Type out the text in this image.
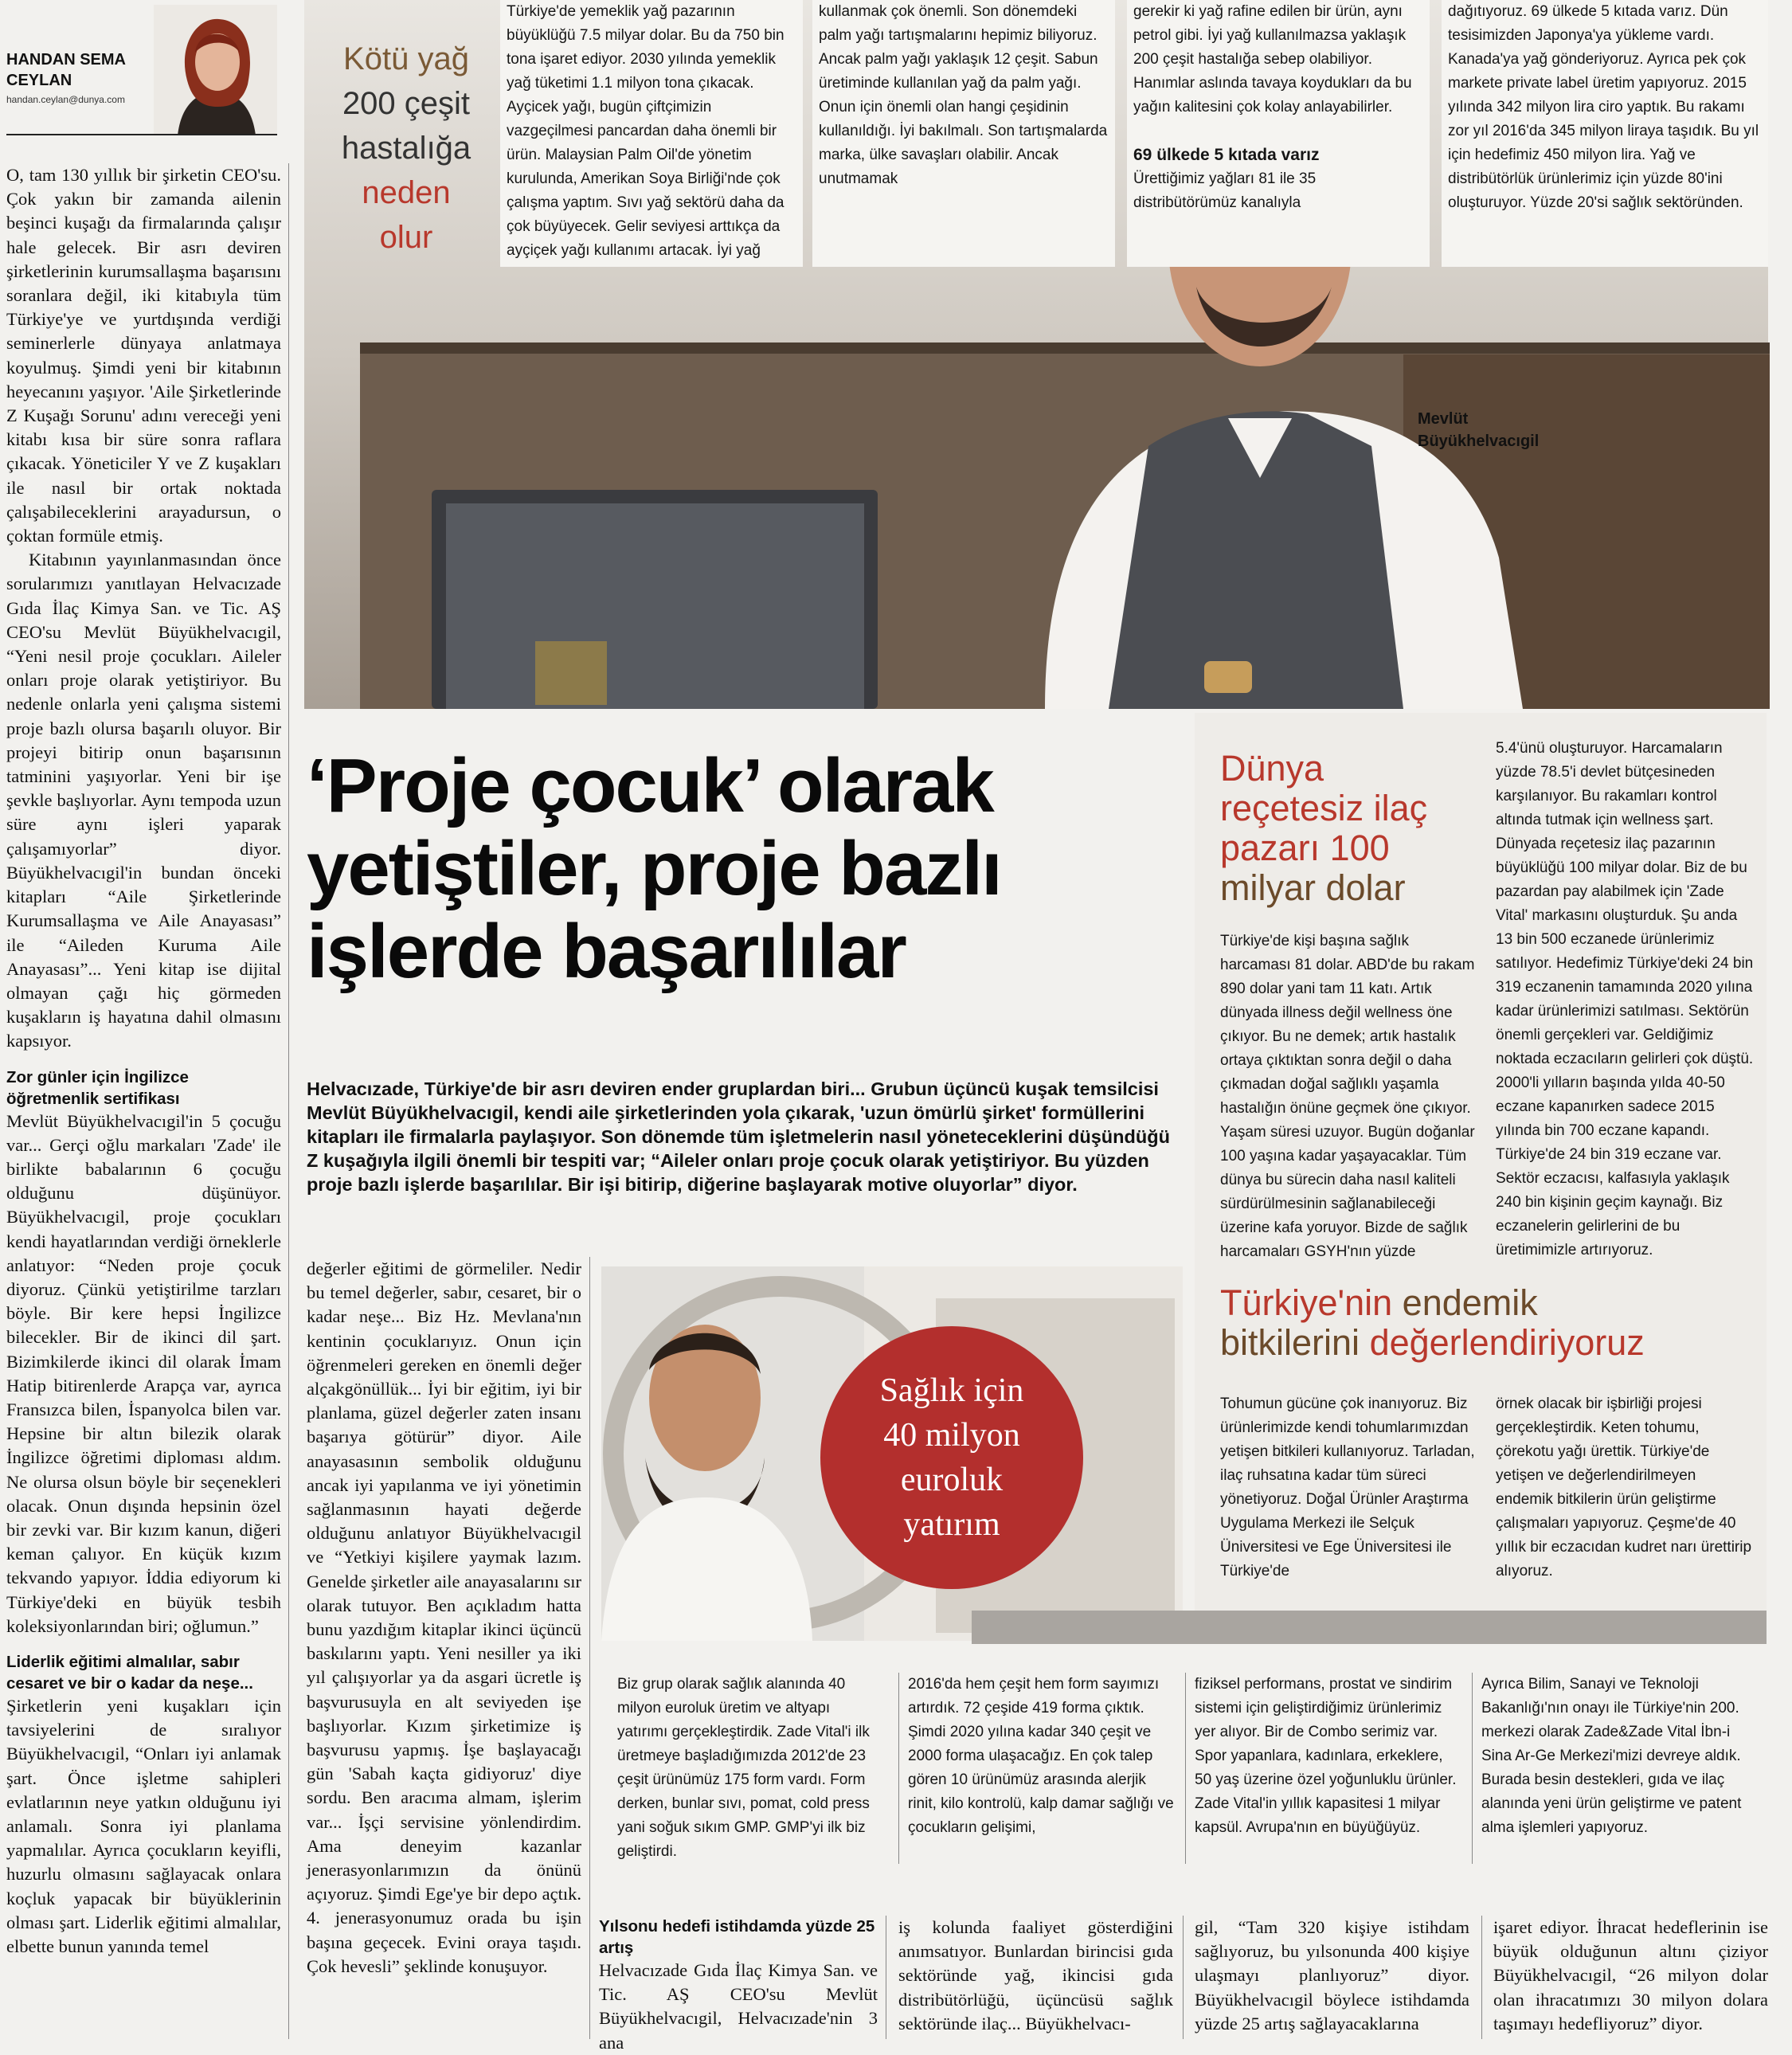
HANDAN SEMA CEYLAN
handan.ceylan@dunya.com
Kötü yağ
200 çeşit
hastalığa
neden
olur

Türkiye'de yemeklik yağ pazarının büyüklüğü 7.5 milyar dolar. Bu da 750 bin tona işaret ediyor. 2030 yılında yemeklik yağ tüketimi 1.1 milyon tona çıkacak. Ayçicek yağı, bugün çiftçimizin vazgeçilmesi pancardan daha önemli bir ürün. Malaysian Palm Oil'de yönetim kurulunda, Amerikan Soya Birliği'nde çok çalışma yaptım. Sıvı yağ sektörü daha da çok büyüyecek. Gelir seviyesi arttıkça da ayçiçek yağı kullanımı artacak. İyi yağ

kullanmak çok önemli. Son dönemdeki palm yağı tartışmalarını hepimiz biliyoruz. Ancak palm yağı yaklaşık 12 çeşit. Sabun üretiminde kullanılan yağ da palm yağı. Onun için önemli olan hangi çeşidinin kullanıldığı. İyi bakılmalı. Son tartışmalarda marka, ülke savaşları olabilir. Ancak unutmamak

gerekir ki yağ rafine edilen bir ürün, aynı petrol gibi. İyi yağ kullanılmazsa yaklaşık 200 çeşit hastalığa sebep olabiliyor. Hanımlar aslında tavaya koydukları da bu yağın kalitesini çok kolay anlayabilirler.

69 ülkede 5 kıtada varız

Ürettiğimiz yağları 81 ile 35 distribütörümüz kanalıyla

dağıtıyoruz. 69 ülkede 5 kıtada varız. Dün tesisimizden Japonya'ya yükleme vardı. Kanada'ya yağ gönderiyoruz. Ayrıca pek çok markete private label üretim yapıyoruz. 2015 yılında 342 milyon lira ciro yaptık. Bu rakamı zor yıl 2016'da 345 milyon liraya taşıdık. Bu yıl için hedefimiz 450 milyon lira. Yağ ve distribütörlük ürünlerimiz için yüzde 80'ini oluşturuyor. Yüzde 20'si sağlık sektöründen.

Mevlüt
Büyükhelvacıgil

O, tam 130 yıllık bir şirketin CEO'su. Çok yakın bir zamanda ailenin beşinci kuşağı da firmalarında çalışır hale gelecek. Bir asrı deviren şirketlerinin kurumsallaşma başarısını soranlara değil, iki kitabıyla tüm Türkiye'ye ve yurtdışında verdiği seminerlerle dünyaya anlatmaya koyulmuş. Şimdi yeni bir kitabının heyecanını yaşıyor. 'Aile Şirketlerinde Z Kuşağı Sorunu' adını vereceği yeni kitabı kısa bir süre sonra raflara çıkacak. Yöneticiler Y ve Z kuşakları ile nasıl bir ortak noktada çalışabileceklerini arayadursun, o çoktan formüle etmiş.

Kitabının yayınlanmasından önce sorularımızı yanıtlayan Helvacızade Gıda İlaç Kimya San. ve Tic. AŞ CEO'su Mevlüt Büyükhelvacıgil, “Yeni nesil proje çocukları. Aileler onları proje olarak yetiştiriyor. Bu nedenle onlarla yeni çalışma sistemi proje bazlı olursa başarılı oluyor. Bir projeyi bitirip onun başarısının tatminini yaşıyorlar. Yeni bir işe şevkle başlıyorlar. Aynı tempoda uzun süre aynı işleri yaparak çalışamıyorlar” diyor. Büyükhelvacıgil'in bundan önceki kitapları “Aile Şirketlerinde Kurumsallaşma ve Aile Anayasası” ile “Aileden Kuruma Aile Anayasası”... Yeni kitap ise dijital olmayan çağı hiç görmeden kuşakların iş hayatına dahil olmasını kapsıyor.

Zor günler için İngilizce öğretmenlik sertifikası

Mevlüt Büyükhelvacıgil'in 5 çocuğu var... Gerçi oğlu markaları 'Zade' ile birlikte babalarının 6 çocuğu olduğunu düşünüyor. Büyükhelvacıgil, proje çocukları kendi hayatlarından verdiği örneklerle anlatıyor: “Neden proje çocuk diyoruz. Çünkü yetiştirilme tarzları böyle. Bir kere hepsi İngilizce bilecekler. Bir de ikinci dil şart. Bizimkilerde ikinci dil olarak İmam Hatip bitirenlerde Arapça var, ayrıca Fransızca bilen, İspanyolca bilen var. Hepsine bir altın bilezik olarak İngilizce öğretimi diploması aldım. Ne olursa olsun böyle bir seçenekleri olacak. Onun dışında hepsinin özel bir zevki var. Bir kızım kanun, diğeri keman çalıyor. En küçük kızım tekvando yapıyor. İddia ediyorum ki Türkiye'deki en büyük tesbih koleksiyonlarından biri; oğlumun.”

Liderlik eğitimi almalılar, sabır cesaret ve bir o kadar da neşe...

Şirketlerin yeni kuşakları için tavsiyelerini de sıralıyor Büyükhelvacıgil, “Onları iyi anlamak şart. Önce işletme sahipleri evlatlarının neye yatkın olduğunu iyi anlamalı. Sonra iyi planlama yapmalılar. Ayrıca çocukların keyifli, huzurlu olmasını sağlayacak onlara koçluk yapacak bir büyüklerinin olması şart. Liderlik eğitimi almalılar, elbette bunun yanında temel

‘Proje çocuk’ olarak
yetiştiler, proje bazlı
işlerde başarılılar

Helvacızade, Türkiye'de bir asrı deviren ender gruplardan biri... Grubun üçüncü kuşak temsilcisi Mevlüt Büyükhelvacıgil, kendi aile şirketlerinden yola çıkarak, 'uzun ömürlü şirket' formüllerini kitapları ile firmalarla paylaşıyor. Son dönemde tüm işletmelerin nasıl yöneteceklerini düşündüğü Z kuşağıyla ilgili önemli bir tespiti var; “Aileler onları proje çocuk olarak yetiştiriyor. Bu yüzden proje bazlı işlerde başarılılar. Bir işi bitirip, diğerine başlayarak motive oluyorlar” diyor.

değerler eğitimi de görmeliler. Nedir bu temel değerler, sabır, cesaret, bir o kadar neşe... Biz Hz. Mevlana'nın kentinin çocuklarıyız. Onun için öğrenmeleri gereken en önemli değer alçakgönüllük... İyi bir eğitim, iyi bir planlama, güzel değerler zaten insanı başarıya götürür” diyor. Aile anayasasının sembolik olduğunu ancak iyi yapılanma ve iyi yönetimin sağlanmasının hayati değerde olduğunu anlatıyor Büyükhelvacıgil ve “Yetkiyi kişilere yaymak lazım. Genelde şirketler aile anayasalarını sır olarak tutuyor. Ben açıkladım hatta bunu yazdığım kitaplar ikinci üçüncü baskılarını yaptı. Yeni nesiller ya iki yıl çalışıyorlar ya da asgari ücretle iş başvurusuyla en alt seviyeden işe başlıyorlar. Kızım şirketimize iş başvurusu yapmış. İşe başlayacağı gün 'Sabah kaçta gidiyoruz' diye sordu. Ben aracıma almam, işlerim var... İşçi servisine yönlendirdim. Ama deneyim kazanlar jenerasyonlarımızın da önünü açıyoruz. Şimdi Ege'ye bir depo açtık. 4. jenerasyonumuz orada bu işin başına geçecek. Evini oraya taşıdı. Çok hevesli” şeklinde konuşuyor.

Sağlık için
40 milyon
euroluk
yatırım
Dünya
reçetesiz ilaç
pazarı 100
milyar dolar

Türkiye'de kişi başına sağlık harcaması 81 dolar. ABD'de bu rakam 890 dolar yani tam 11 katı. Artık dünyada illness değil wellness öne çıkıyor. Bu ne demek; artık hastalık ortaya çıktıktan sonra değil o daha çıkmadan doğal sağlıklı yaşamla hastalığın önüne geçmek öne çıkıyor. Yaşam süresi uzuyor. Bugün doğanlar 100 yaşına kadar yaşayacaklar. Tüm dünya bu sürecin daha nasıl kaliteli sürdürülmesinin sağlanabileceği üzerine kafa yoruyor. Bizde de sağlık harcamaları GSYH'nın yüzde

5.4'ünü oluşturuyor. Harcamaların yüzde 78.5'i devlet bütçesineden karşılanıyor. Bu rakamları kontrol altında tutmak için wellness şart. Dünyada reçetesiz ilaç pazarının büyüklüğü 100 milyar dolar. Biz de bu pazardan pay alabilmek için 'Zade Vital' markasını oluşturduk. Şu anda 13 bin 500 eczanede ürünlerimiz satılıyor. Hedefimiz Türkiye'deki 24 bin 319 eczanenin tamamında 2020 yılına kadar ürünlerimizi satılması. Sektörün önemli gerçekleri var. Geldiğimiz noktada eczacıların gelirleri çok düştü. 2000'li yılların başında yılda 40-50 eczane kapanırken sadece 2015 yılında bin 700 eczane kapandı. Türkiye'de 24 bin 319 eczane var. Sektör eczacısı, kalfasıyla yaklaşık 240 bin kişinin geçim kaynağı. Biz eczanelerin gelirlerini de bu üretimimizle artırıyoruz.

Türkiye'nin endemik
bitkilerini değerlendiriyoruz

Tohumun gücüne çok inanıyoruz. Biz ürünlerimizde kendi tohumlarımızdan yetişen bitkileri kullanıyoruz. Tarladan, ilaç ruhsatına kadar tüm süreci yönetiyoruz. Doğal Ürünler Araştırma Uygulama Merkezi ile Selçuk Üniversitesi ve Ege Üniversitesi ile Türkiye'de

örnek olacak bir işbirliği projesi gerçekleştirdik. Keten tohumu, çörekotu yağı ürettik. Türkiye'de yetişen ve değerlendirilmeyen endemik bitkilerin ürün geliştirme çalışmaları yapıyoruz. Çeşme'de 40 yıllık bir eczacıdan kudret narı ürettirip alıyoruz.

Biz grup olarak sağlık alanında 40 milyon euroluk üretim ve altyapı yatırımı gerçekleştirdik. Zade Vital'i ilk üretmeye başladığımızda 2012'de 23 çeşit ürünümüz 175 form vardı. Form derken, bunlar sıvı, pomat, cold press yani soğuk sıkım GMP. GMP'yi ilk biz geliştirdi.

2016'da hem çeşit hem form sayımızı artırdık. 72 çeşide 419 forma çıktık. Şimdi 2020 yılına kadar 340 çeşit ve 2000 forma ulaşacağız. En çok talep gören 10 ürünümüz arasında alerjik rinit, kilo kontrolü, kalp damar sağlığı ve çocukların gelişimi,

fiziksel performans, prostat ve sindirim sistemi için geliştirdiğimiz ürünlerimiz yer alıyor. Bir de Combo serimiz var. Spor yapanlara, kadınlara, erkeklere, 50 yaş üzerine özel yoğunluklu ürünler. Zade Vital'in yıllık kapasitesi 1 milyar kapsül. Avrupa'nın en büyüğüyüz.

Ayrıca Bilim, Sanayi ve Teknoloji Bakanlığı'nın onayı ile Türkiye'nin 200. merkezi olarak Zade&Zade Vital İbn-i Sina Ar-Ge Merkezi'mizi devreye aldık. Burada besin destekleri, gıda ve ilaç alanında yeni ürün geliştirme ve patent alma işlemleri yapıyoruz.

Yılsonu hedefi istihdamda yüzde 25 artış

Helvacızade Gıda İlaç Kimya San. ve Tic. AŞ CEO'su Mevlüt Büyükhelvacıgil, Helvacızade'nin 3 ana

iş kolunda faaliyet gösterdiğini anımsatıyor. Bunlardan birincisi gıda sektöründe yağ, ikincisi gıda distribütörlüğü, üçüncüsü sağlık sektöründe ilaç... Büyükhelvacı-

gil, “Tam 320 kişiye istihdam sağlıyoruz, bu yılsonunda 400 kişiye ulaşmayı planlıyoruz” diyor. Büyükhelvacıgil böylece istihdamda yüzde 25 artış sağlayacaklarına

işaret ediyor. İhracat hedeflerinin ise büyük olduğunun altını çiziyor Büyükhelvacıgil, “26 milyon dolar olan ihracatımızı 30 milyon dolara taşımayı hedefliyoruz” diyor.
